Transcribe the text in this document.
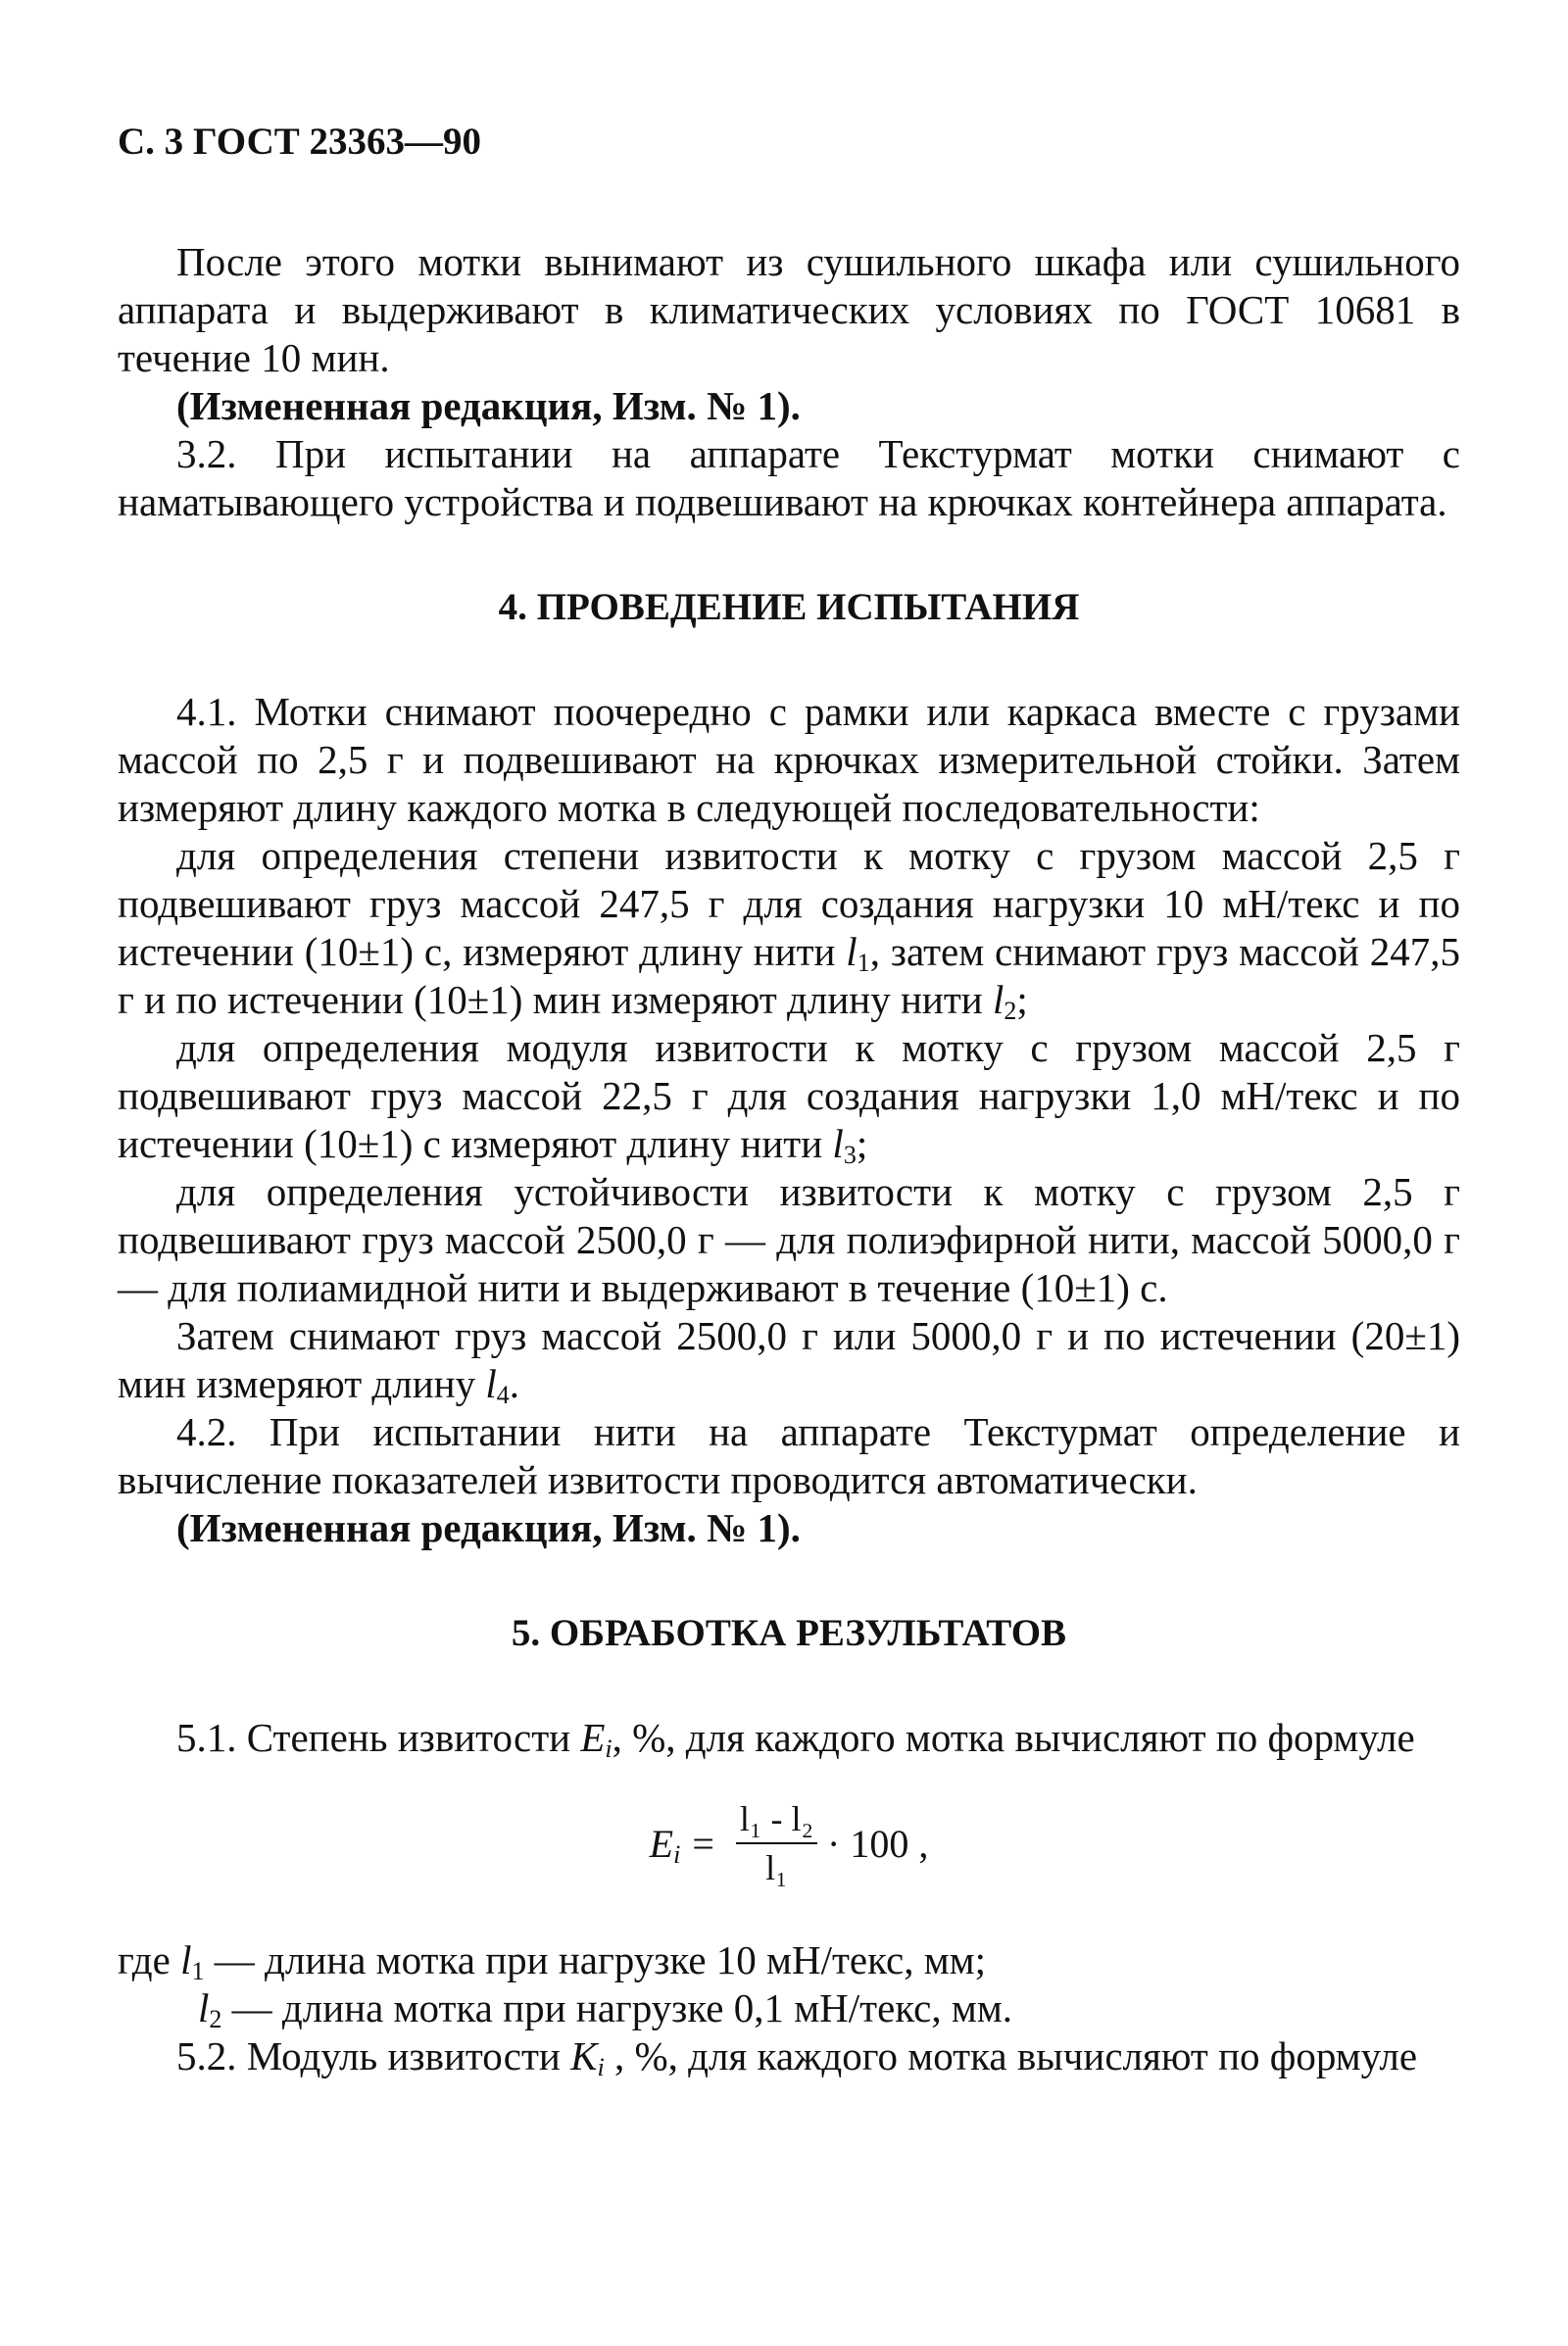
С. 3 ГОСТ 23363—90

После этого мотки вынимают из сушильного шкафа или сушильного аппарата и выдерживают в климатических условиях по ГОСТ 10681 в течение 10 мин.

(Измененная редакция, Изм. № 1).

3.2. При испытании на аппарате Текстурмат мотки снимают с наматывающего устройства и подвешивают на крючках контейнера аппарата.

4. ПРОВЕДЕНИЕ ИСПЫТАНИЯ

4.1. Мотки снимают поочередно с рамки или каркаса вместе с грузами массой по 2,5 г и подвешивают на крючках измерительной стойки. Затем измеряют длину каждого мотка в следующей последовательности:

для определения степени извитости к мотку с грузом массой 2,5 г подвешивают груз массой 247,5 г для создания нагрузки 10 мН/текс и по истечении (10±1) с, измеряют длину нити $l_1$, затем снимают груз массой 247,5 г и по истечении (10±1) мин измеряют длину нити $l_2$;

для определения модуля извитости к мотку с грузом массой 2,5 г подвешивают груз массой 22,5 г для создания нагрузки 1,0 мН/текс и по истечении (10±1) с измеряют длину нити $l_3$;

для определения устойчивости извитости к мотку с грузом 2,5 г подвешивают груз массой 2500,0 г — для полиэфирной нити, массой 5000,0 г — для полиамидной нити и выдерживают в течение (10±1) с.

Затем снимают груз массой 2500,0 г или 5000,0 г и по истечении (20±1) мин измеряют длину $l_4$.

4.2. При испытании нити на аппарате Текстурмат определение и вычисление показателей извитости проводится автоматически.

(Измененная редакция, Изм. № 1).

5. ОБРАБОТКА РЕЗУЛЬТАТОВ

5.1. Степень извитости $E_i$, %, для каждого мотка вычисляют по формуле

$E_i = \frac{\text{l₁ - l₂}}{\text{l₁}} \cdot 100$ ,

где $l_1$ — длина мотка при нагрузке 10 мН/текс, мм;

$l_2$ — длина мотка при нагрузке 0,1 мН/текс, мм.

5.2. Модуль извитости $K_i$ , %, для каждого мотка вычисляют по формуле
